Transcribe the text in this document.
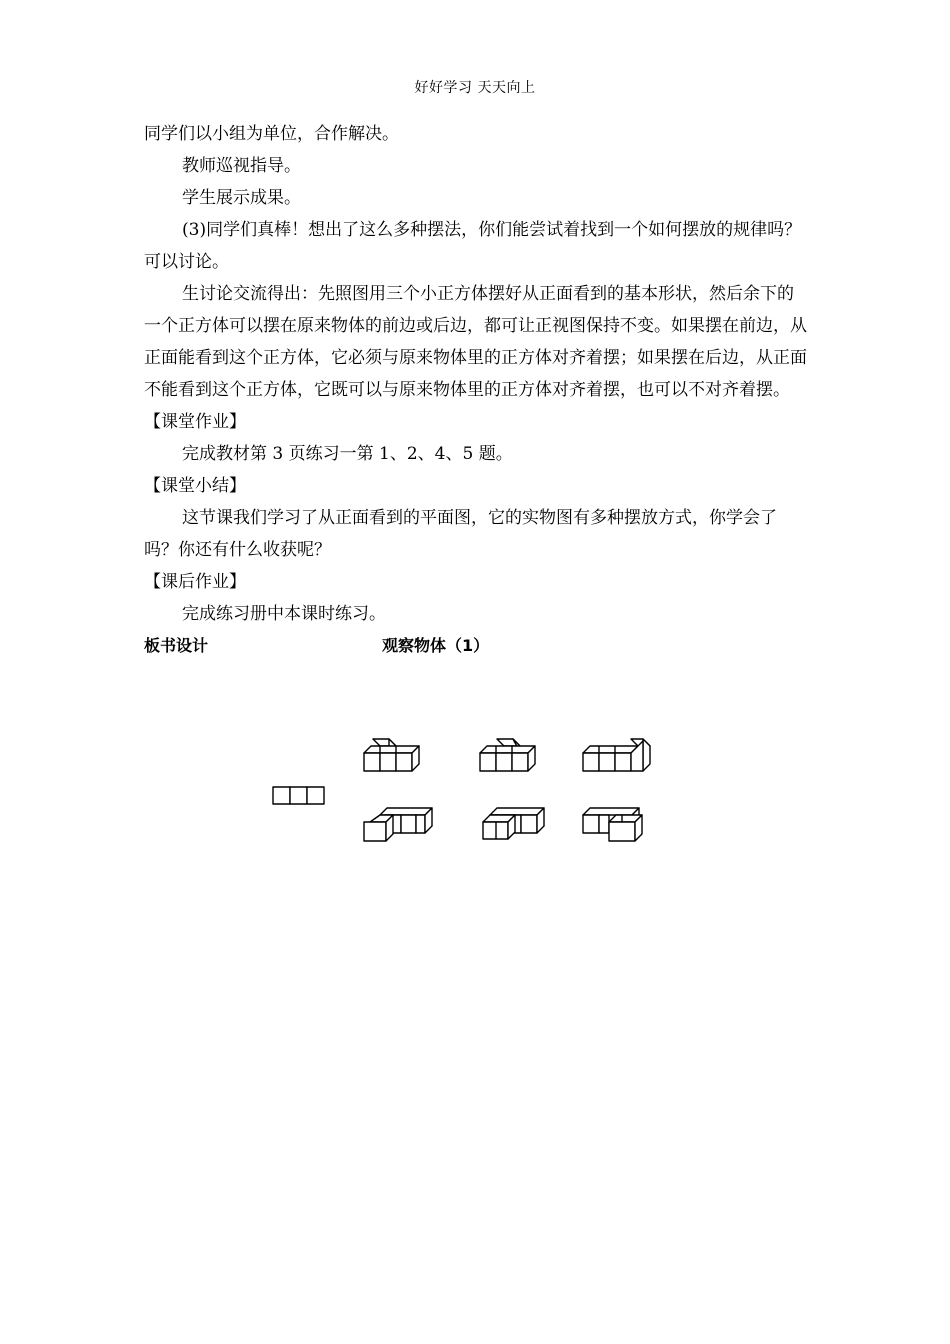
好好学习 天天向上

同学们以小组为单位，合作解决。

教师巡视指导。

学生展示成果。

(3)同学们真棒！想出了这么多种摆法，你们能尝试着找到一个如何摆放的规律吗？可以讨论。

生讨论交流得出：先照图用三个小正方体摆好从正面看到的基本形状，然后余下的一个正方体可以摆在原来物体的前边或后边，都可让正视图保持不变。如果摆在前边，从正面能看到这个正方体，它必须与原来物体里的正方体对齐着摆；如果摆在后边，从正面不能看到这个正方体，它既可以与原来物体里的正方体对齐着摆，也可以不对齐着摆。

【课堂作业】

完成教材第 3 页练习一第 1、2、4、5 题。

【课堂小结】

这节课我们学习了从正面看到的平面图，它的实物图有多种摆放方式，你学会了吗？你还有什么收获呢？

【课后作业】

完成练习册中本课时练习。

板书设计	观察物体（1）
